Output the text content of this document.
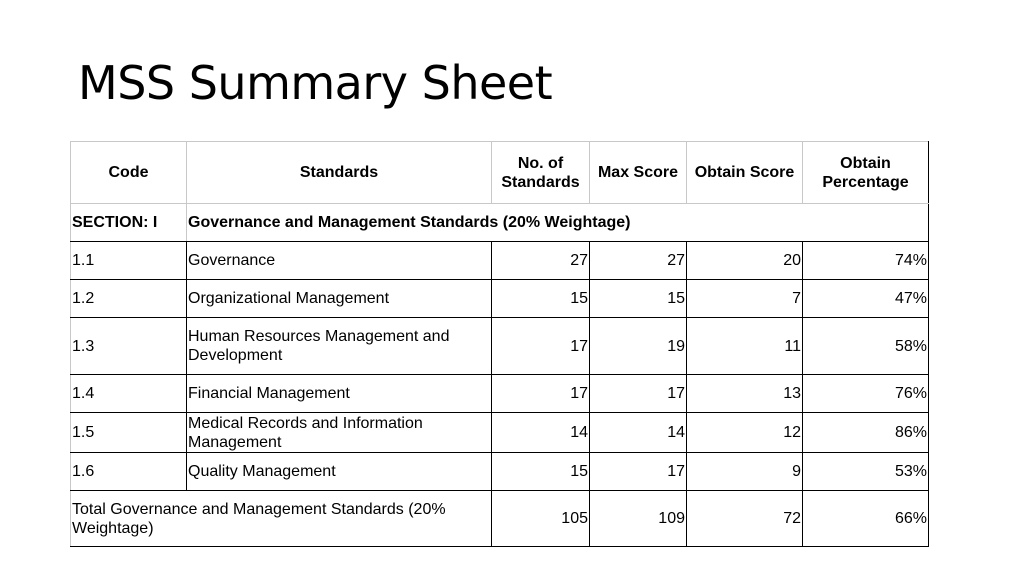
MSS Summary Sheet
Code	Standards	No. of Standards	Max Score	Obtain Score	Obtain Percentage
SECTION: I	Governance and Management Standards (20% Weightage)				
1.1	Governance	27	27	20	74%
1.2	Organizational Management	15	15	7	47%
1.3	Human Resources Management and Development	17	19	11	58%
1.4	Financial Management	17	17	13	76%
1.5	Medical Records and Information Management	14	14	12	86%
1.6	Quality Management	15	17	9	53%
Total Governance and Management Standards (20% Weightage)		105	109	72	66%
